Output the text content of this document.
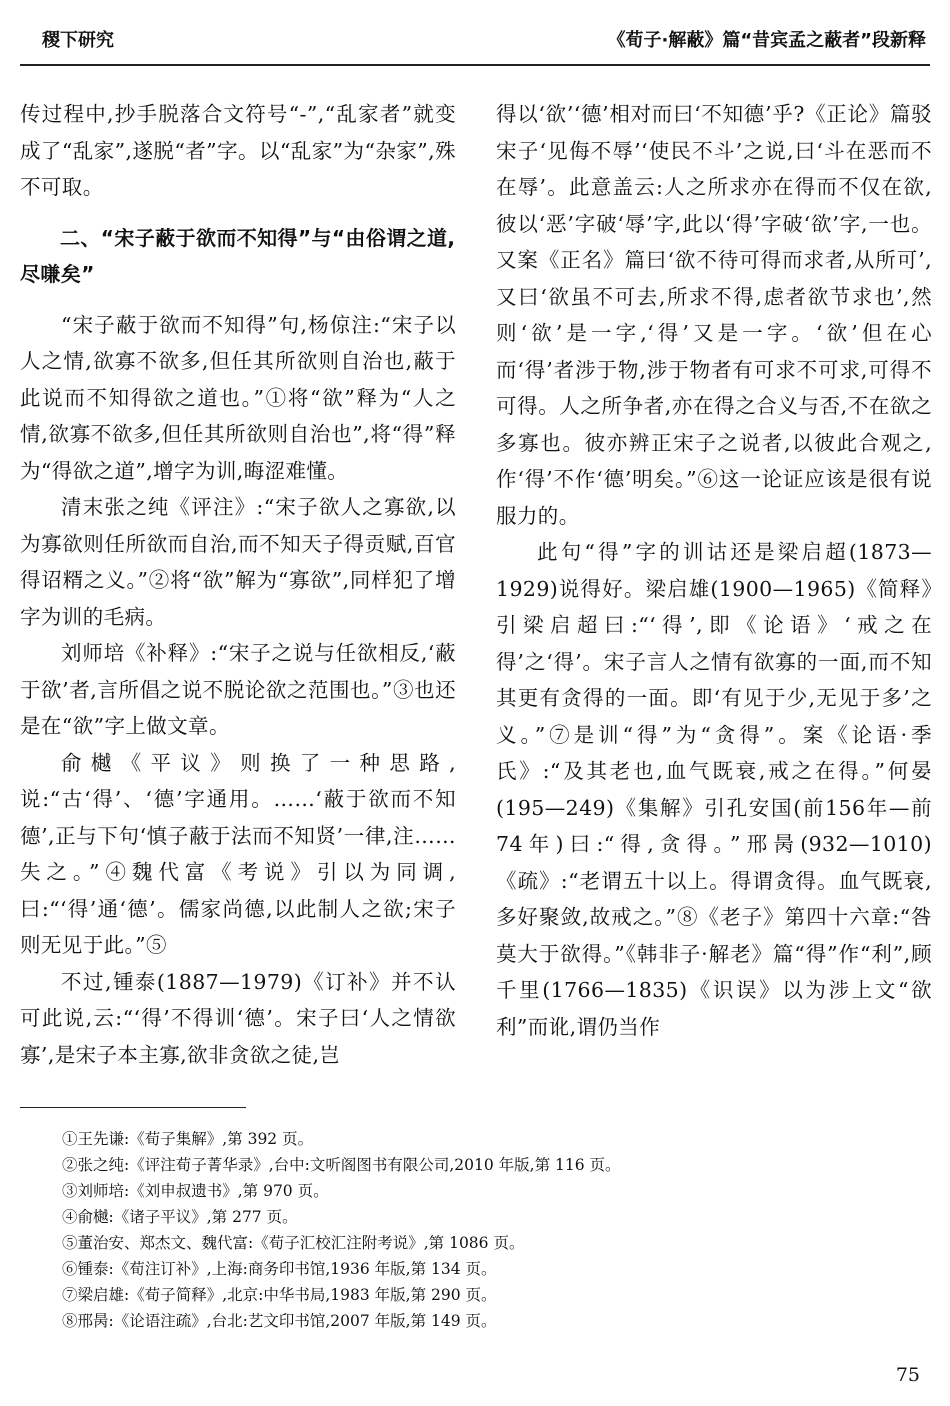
稷下研究	《荀子·解蔽》篇“昔宾孟之蔽者”段新释

传过程中,抄手脱落合文符号“-”,“乱家者”就变成了“乱家”,遂脱“者”字。以“乱家”为“杂家”,殊不可取。

二、“宋子蔽于欲而不知得”与“由俗谓之道,尽嗛矣”

“宋子蔽于欲而不知得”句,杨倞注:“宋子以人之情,欲寡不欲多,但任其所欲则自治也,蔽于此说而不知得欲之道也。”①将“欲”释为“人之情,欲寡不欲多,但任其所欲则自治也”,将“得”释为“得欲之道”,增字为训,晦涩难懂。

清末张之纯《评注》:“宋子欲人之寡欲,以为寡欲则任所欲而自治,而不知天子得贡赋,百官得诏糈之义。”②将“欲”解为“寡欲”,同样犯了增字为训的毛病。

刘师培《补释》:“宋子之说与任欲相反,‘蔽于欲’者,言所倡之说不脱论欲之范围也。”③也还是在“欲”字上做文章。

俞樾《平议》则换了一种思路,说:“古‘得’、‘德’字通用。……‘蔽于欲而不知德’,正与下句‘慎子蔽于法而不知贤’一律,注……失之。”④魏代富《考说》引以为同调,曰:“‘得’通‘德’。儒家尚德,以此制人之欲;宋子则无见于此。”⑤

不过,锺泰(1887—1979)《订补》并不认可此说,云:“‘得’不得训‘德’。宋子曰‘人之情欲寡’,是宋子本主寡,欲非贪欲之徒,岂

得以‘欲’‘德’相对而曰‘不知德’乎?《正论》篇驳宋子‘见侮不辱’‘使民不斗’之说,曰‘斗在恶而不在辱’。此意盖云:人之所求亦在得而不仅在欲,彼以‘恶’字破‘辱’字,此以‘得’字破‘欲’字,一也。又案《正名》篇曰‘欲不待可得而求者,从所可’,又曰‘欲虽不可去,所求不得,虑者欲节求也’,然则‘欲’是一字,‘得’又是一字。‘欲’但在心而‘得’者涉于物,涉于物者有可求不可求,可得不可得。人之所争者,亦在得之合义与否,不在欲之多寡也。彼亦辨正宋子之说者,以彼此合观之,作‘得’不作‘德’明矣。”⑥这一论证应该是很有说服力的。

此句“得”字的训诂还是梁启超(1873—1929)说得好。梁启雄(1900—1965)《简释》引梁启超曰:“‘得’,即《论语》‘戒之在得’之‘得’。宋子言人之情有欲寡的一面,而不知其更有贪得的一面。即‘有见于少,无见于多’之义。”⑦是训“得”为“贪得”。案《论语·季氏》:“及其老也,血气既衰,戒之在得。”何晏(195—249)《集解》引孔安国(前156年—前74年)曰:“得,贪得。”邢昺(932—1010)《疏》:“老谓五十以上。得谓贪得。血气既衰,多好聚敛,故戒之。”⑧《老子》第四十六章:“咎莫大于欲得。”《韩非子·解老》篇“得”作“利”,顾千里(1766—1835)《识误》以为涉上文“欲利”而讹,谓仍当作

①王先谦:《荀子集解》,第 392 页。
②张之纯:《评注荀子菁华录》,台中:文听阁图书有限公司,2010 年版,第 116 页。
③刘师培:《刘申叔遗书》,第 970 页。
④俞樾:《诸子平议》,第 277 页。
⑤董治安、郑杰文、魏代富:《荀子汇校汇注附考说》,第 1086 页。
⑥锺泰:《荀注订补》,上海:商务印书馆,1936 年版,第 134 页。
⑦梁启雄:《荀子简释》,北京:中华书局,1983 年版,第 290 页。
⑧邢昺:《论语注疏》,台北:艺文印书馆,2007 年版,第 149 页。
75
